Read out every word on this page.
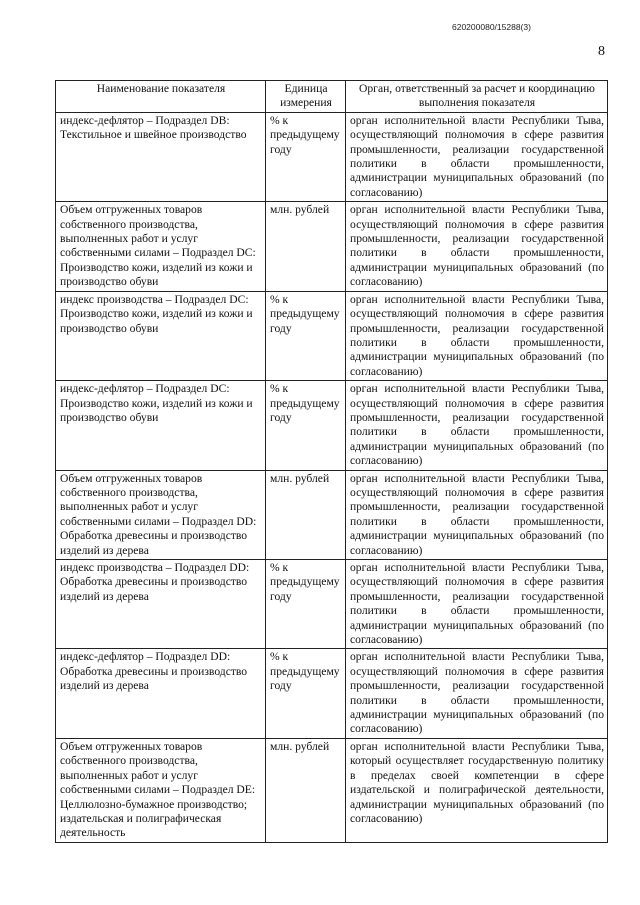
620200080/15288(3)
8
Наименование показателя	Единица измерения	Орган, ответственный за расчет и координацию выполнения показателя
индекс-дефлятор – Подраздел DB: Текстильное и швейное производство	% к предыдущему году	орган исполнительной власти Республики Тыва, осуществляющий полномочия в сфере развития промышленности, реализации государственной политики в области промышленности, администрации муниципальных образований (по согласованию)
Объем отгруженных товаров собственного производства, выполненных работ и услуг собственными силами – Подраздел DC: Производство кожи, изделий из кожи и производство обуви	млн. рублей	орган исполнительной власти Республики Тыва, осуществляющий полномочия в сфере развития промышленности, реализации государственной политики в области промышленности, администрации муниципальных образований (по согласованию)
индекс производства – Подраздел DC: Производство кожи, изделий из кожи и производство обуви	% к предыдущему году	орган исполнительной власти Республики Тыва, осуществляющий полномочия в сфере развития промышленности, реализации государственной политики в области промышленности, администрации муниципальных образований (по согласованию)
индекс-дефлятор – Подраздел DC: Производство кожи, изделий из кожи и производство обуви	% к предыдущему году	орган исполнительной власти Республики Тыва, осуществляющий полномочия в сфере развития промышленности, реализации государственной политики в области промышленности, администрации муниципальных образований (по согласованию)
Объем отгруженных товаров собственного производства, выполненных работ и услуг собственными силами – Подраздел DD: Обработка древесины и производство изделий из дерева	млн. рублей	орган исполнительной власти Республики Тыва, осуществляющий полномочия в сфере развития промышленности, реализации государственной политики в области промышленности, администрации муниципальных образований (по согласованию)
индекс производства – Подраздел DD: Обработка древесины и производство изделий из дерева	% к предыдущему году	орган исполнительной власти Республики Тыва, осуществляющий полномочия в сфере развития промышленности, реализации государственной политики в области промышленности, администрации муниципальных образований (по согласованию)
индекс-дефлятор – Подраздел DD: Обработка древесины и производство изделий из дерева	% к предыдущему году	орган исполнительной власти Республики Тыва, осуществляющий полномочия в сфере развития промышленности, реализации государственной политики в области промышленности, администрации муниципальных образований (по согласованию)
Объем отгруженных товаров собственного производства, выполненных работ и услуг собственными силами – Подраздел DE: Целлюлозно-бумажное производство; издательская и полиграфическая деятельность	млн. рублей	орган исполнительной власти Республики Тыва, который осуществляет государственную политику в пределах своей компетенции в сфере издательской и полиграфической деятельности, администрации муниципальных образований (по согласованию)
